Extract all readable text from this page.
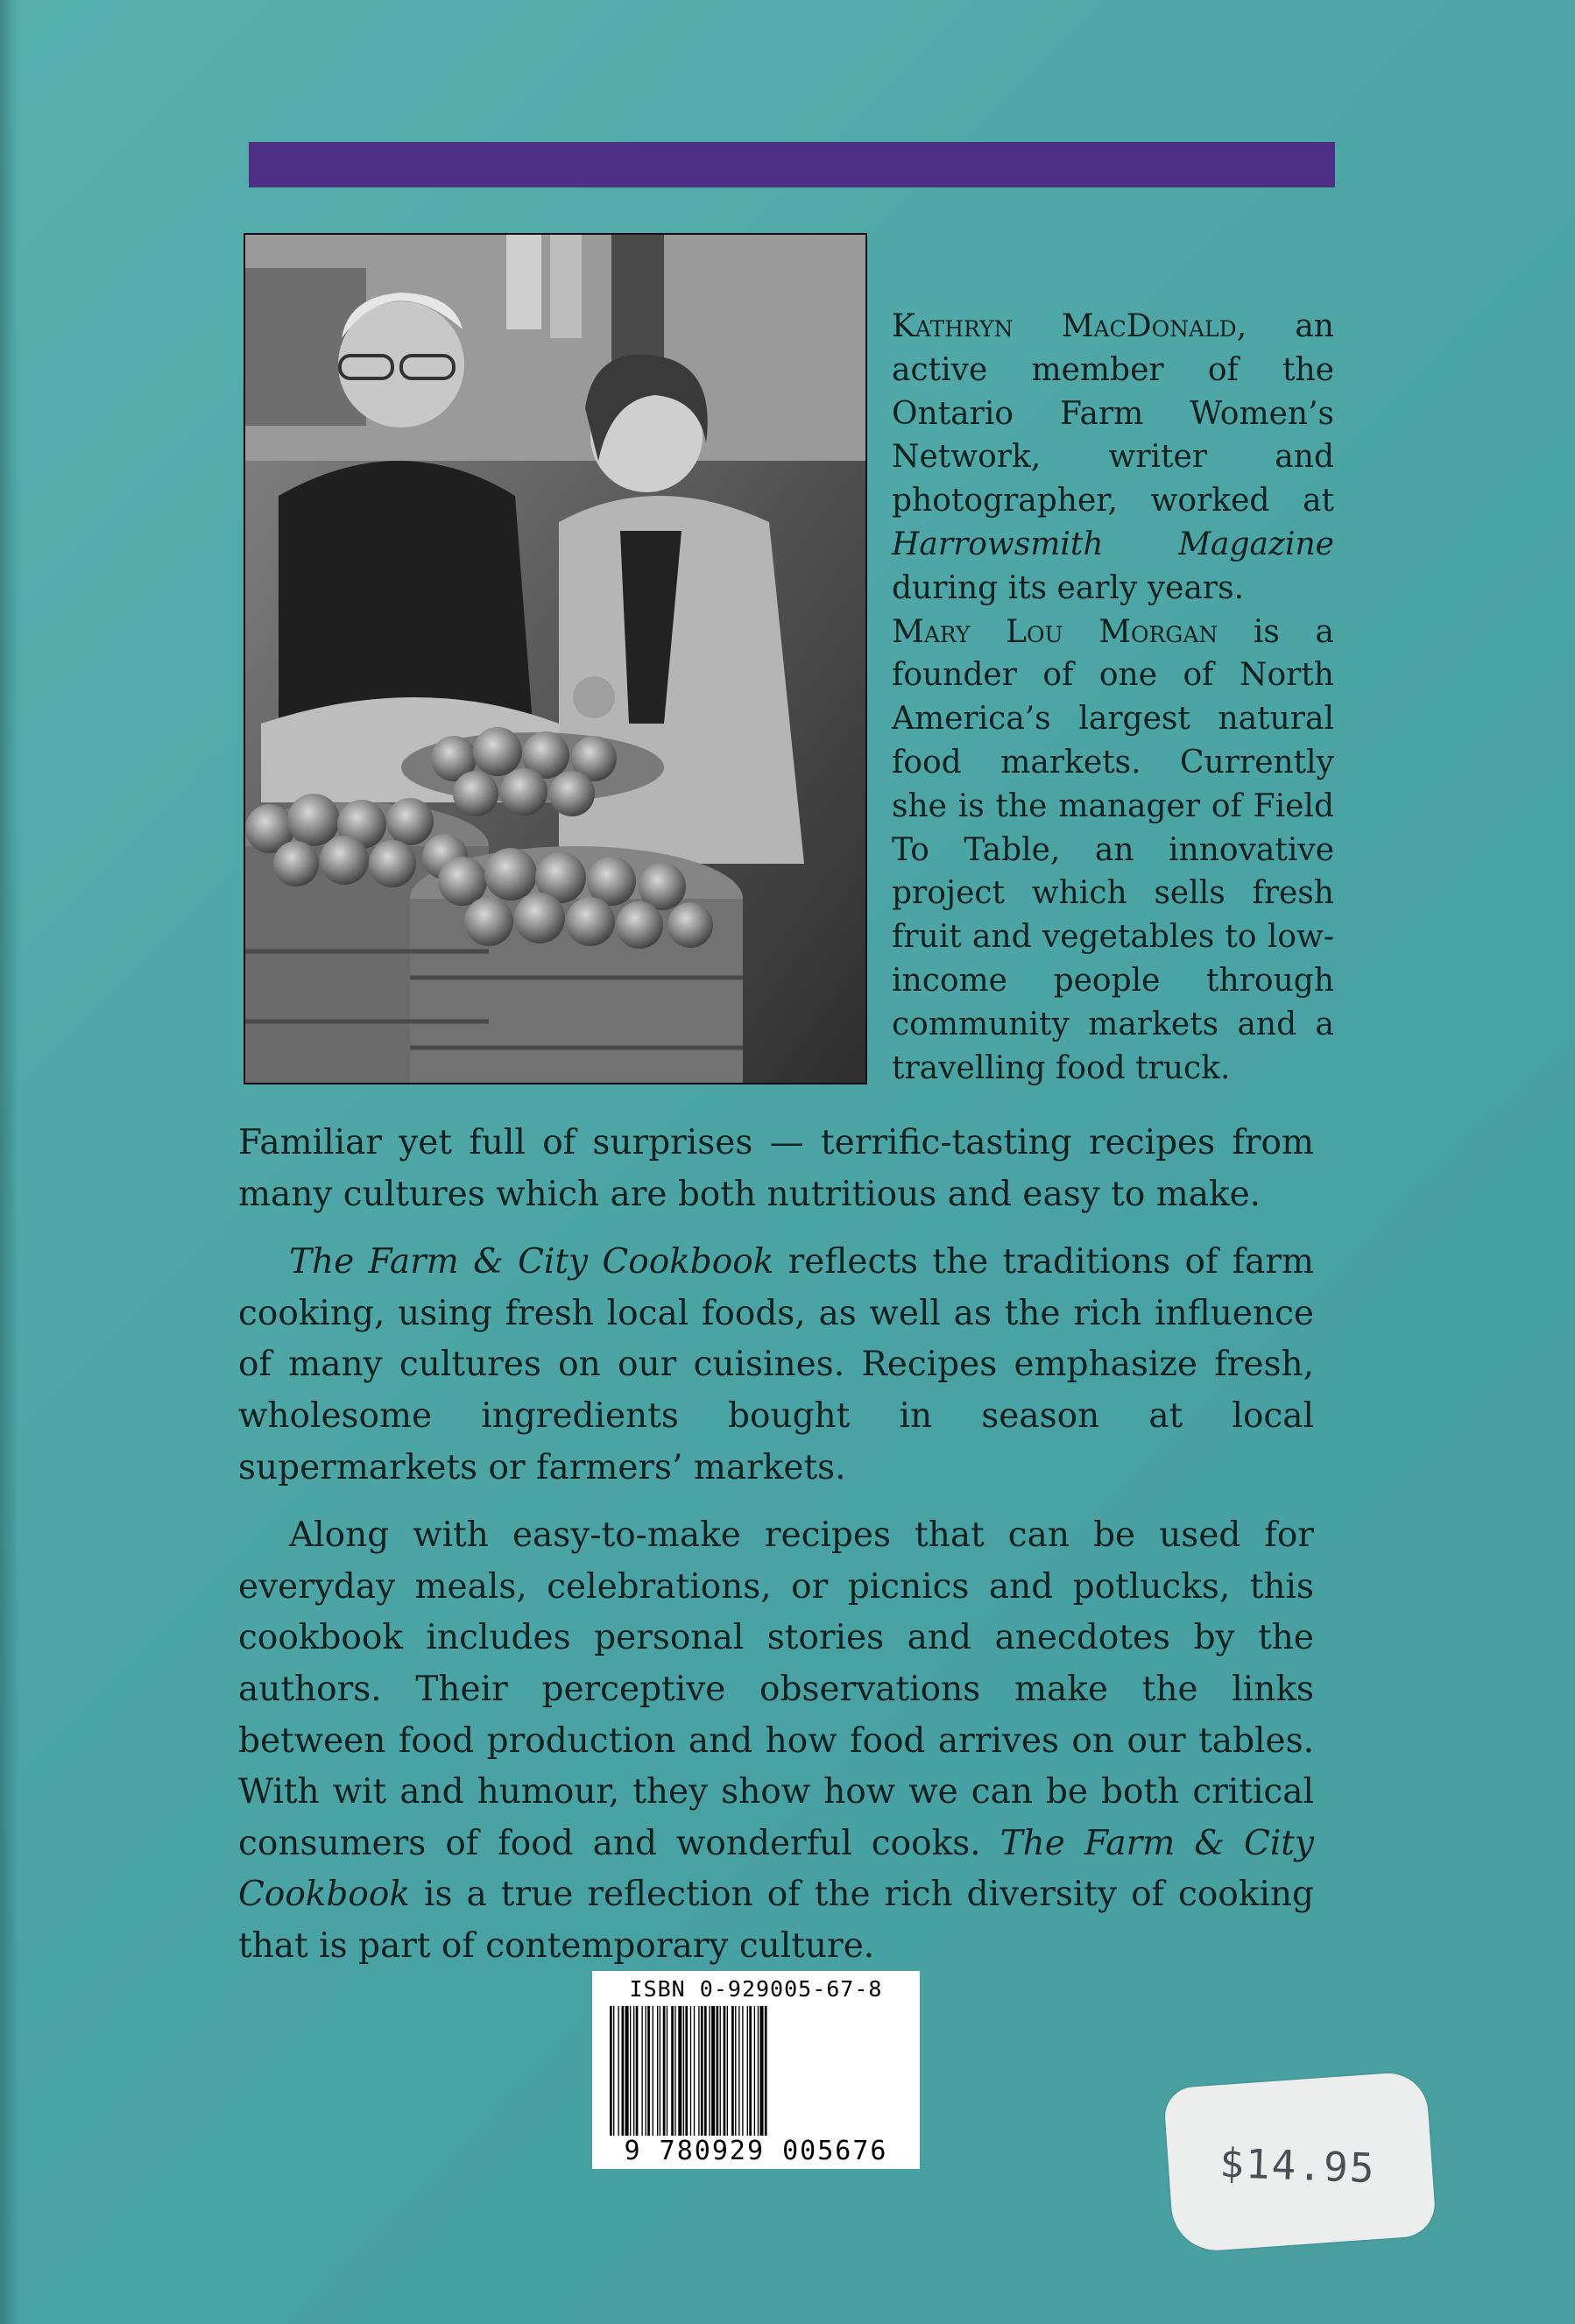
Kathryn MacDonald, an active member of the Ontario Farm Women’s Network, writer and photographer, worked at Harrowsmith Magazine during its early years.

Mary Lou Morgan is a founder of one of North America’s largest natural food markets. Currently she is the manager of Field To Table, an innovative project which sells fresh fruit and vegetables to low-income people through community markets and a travelling food truck.

Familiar yet full of surprises — terrific-tasting recipes from many cultures which are both nutritious and easy to make.

The Farm & City Cookbook reflects the traditions of farm cooking, using fresh local foods, as well as the rich influence of many cultures on our cuisines. Recipes emphasize fresh, wholesome ingredients bought in season at local supermarkets or farmers’ markets.

Along with easy-to-make recipes that can be used for everyday meals, celebrations, or picnics and potlucks, this cookbook includes personal stories and anecdotes by the authors. Their perceptive observations make the links between food production and how food arrives on our tables. With wit and humour, they show how we can be both critical consumers of food and wonderful cooks. The Farm & City Cookbook is a true reflection of the rich diversity of cooking that is part of contemporary culture.

ISBN 0-929005-67-8
9 780929 005676	$14.95
